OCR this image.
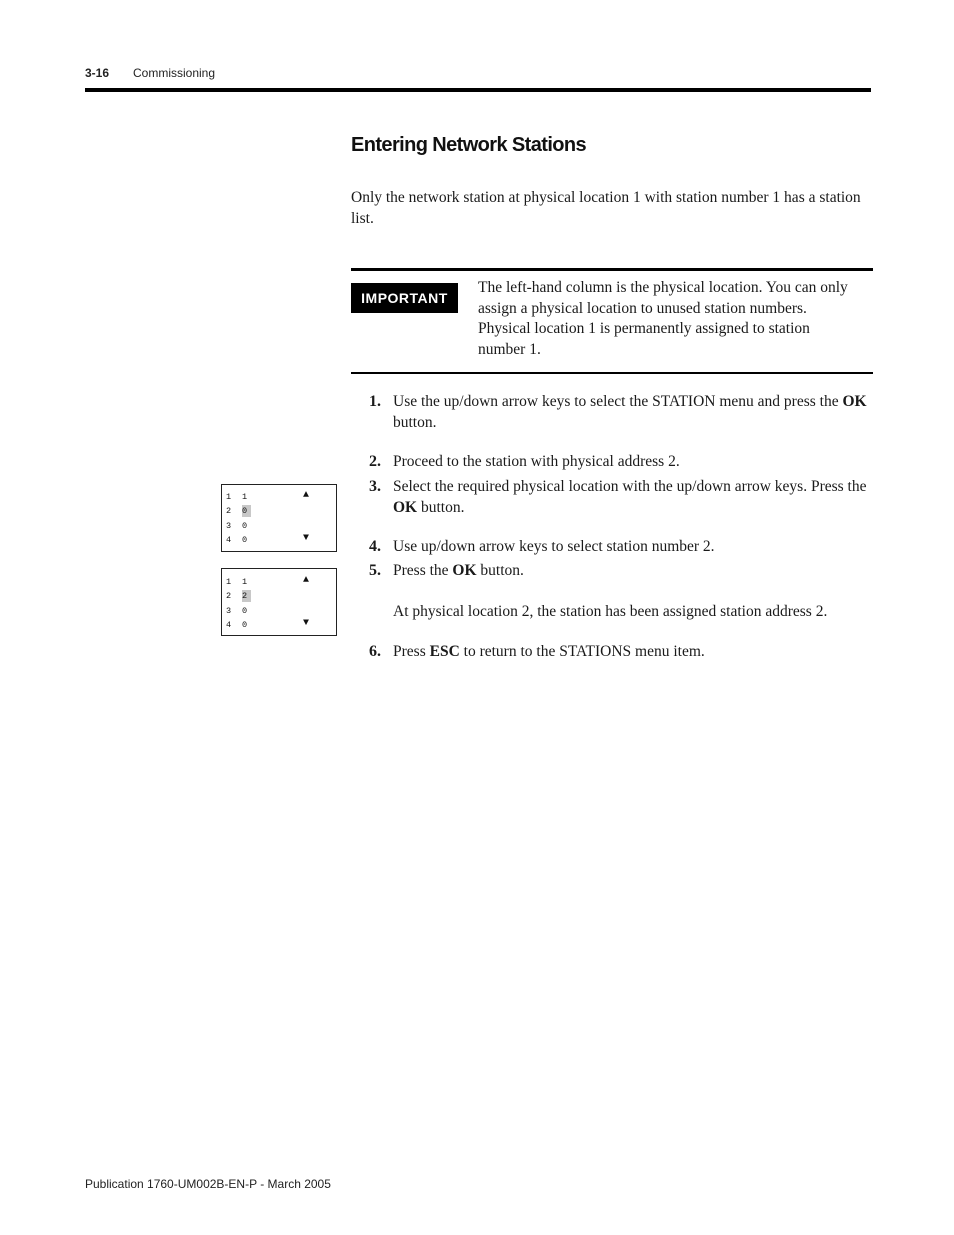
3-16 Commissioning
Entering Network Stations

Only the network station at physical location 1 with station number 1 has a station list.

IMPORTANT

The left-hand column is the physical location. You can only assign a physical location to unused station numbers. Physical location 1 is permanently assigned to station number 1.

1. Use the up/down arrow keys to select the STATION menu and press the OK button.
2. Proceed to the station with physical address 2.
3. Select the required physical location with the up/down arrow keys. Press the OK button.
4. Use up/down arrow keys to select station number 2.
5. Press the OK button.

At physical location 2, the station has been assigned station address 2.

6. Press ESC to return to the STATIONS menu item.
1 1
2 0
3 0
4 0
▲
▼
1 1
2 2
3 0
4 0
▲
▼
Publication 1760-UM002B-EN-P - March 2005
